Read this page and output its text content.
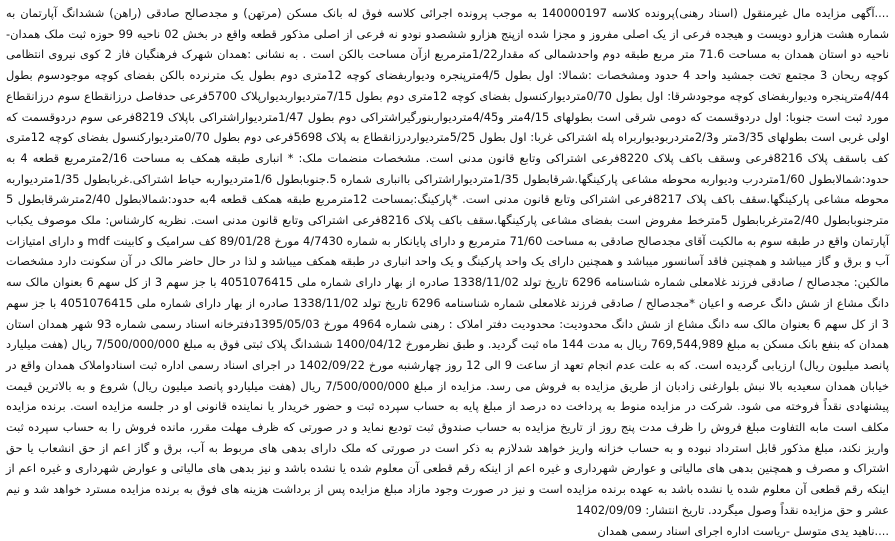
....آگهی مزایده مال غیرمنقول (اسناد رهنی)پرونده کلاسه 140000197 به موجب پرونده اجرائی کلاسه فوق له بانک مسکن (مرتهن) و مجدصالح صادقی (راهن) ششدانگ آپارتمان به شماره هشت هزارو دویست و هیجده فرعی از یک اصلی مفروز و مجزا شده ازپنج هزارو ششصدو نودو نه فرعی از اصلی مذکور قطعه واقع در بخش 02 ناحیه 99 حوزه ثبت ملک همدان-ناحیه دو استان همدان به مساحت 71.6 متر مربع طبقه دوم واحدشمالی که مقدار1/22مترمربع ازآن مساحت بالکن است . به نشانی :همدان شهرک فرهنگیان فاز 2 کوی نیروی انتظامی کوچه ریحان 3 مجتمع تخت جمشید واحد 4 حدود ومشخصات :شمالا: اول بطول 4/5مترپنجره ودیواربفضای کوچه 12متری دوم بطول یک مترنرده بالکن بفضای کوچه موجودسوم بطول 4/44مترپنجره ودیواربفضای کوچه موجودشرقا: اول بطول 0/70متردیوارکنسول بفضای کوچه 12متری دوم بطول 7/15متردیواربدیوارپلاک 5700فرعی حدفاصل درزانقطاع سوم درزانقطاع مورد ثبت است جنوبا: اول دردوقسمت که دومی شرقی است بطولهای 4/15متر و4/45متردیواربنورگیراشتراکی دوم بطول 1/47متردیواراشتراکی باپلاک 8219فرعی سوم دردوقسمت که اولی غربی است بطولهای 3/35متر و2/3متردربودیواربراه پله اشتراکی غربا: اول بطول 5/25متردیواردرزانقطاع به پلاک 5698فرعی دوم بطول 0/70متردیوارکنسول بفضای کوچه 12متری کف باسقف پلاک 8216فرعی وسقف باکف پلاک 8220فرعی اشتراکی وتابع قانون مدنی است. مشخصات منضمات ملک: * انباری طبقه همکف به مساحت 2/16مترمربع قطعه 4 به حدود:شمالابطول 1/60متردرب ودیواربه محوطه مشاعی پارکینگها.شرقابطول 1/35متردیواراشتراکی باانباری شماره 5.جنوبابطول 1/6متردیواربه حیاط اشتراکی.غربابطول 1/35متردیواربه محوطه مشاعی پارکینگها.سقف باکف پلاک 8217فرعی اشتراکی وتابع قانون مدنی است. *پارکینگ:بمساحت 12مترمربع طبقه همکف قطعه 4به حدود:شمالابطول 2/40مترشرقابطول 5 مترجنوبابطول 2/40مترغربابطول 5مترخط مفروض است بفضای مشاعی پارکینگها.سقف باکف پلاک 8216فرعی اشتراکی وتابع قانون مدنی است. نظریه کارشناس: ملک موصوف یکباب آپارتمان واقع در طبقه سوم به مالکیت آقای مجدصالح صادقی به مساحت 71/60 مترمربع و دارای پایانکار به شماره 4/7430 مورخ 89/01/28 کف سرامیک و کابینت mdf و دارای امتیازات آب و برق و گاز میباشد و همچنین فاقد آسانسور میباشد و همچنین دارای یک واحد پارکینگ و یک واحد انباری در طبقه همکف میباشد و لذا در حال حاضر مالک در آن سکونت دارد مشخصات مالکین: مجدصالح / صادقی فرزند غلامعلی شماره شناسنامه 6296 تاریخ تولد 1338/11/02 صادره از بهار دارای شماره ملی 4051076415 با جز سهم 3 از کل سهم 6 بعنوان مالک سه دانگ مشاع از شش دانگ عرصه و اعیان *مجدصالح / صادقی فرزند غلامعلی شماره شناسنامه 6296 تاریخ تولد 1338/11/02 صادره از بهار دارای شماره ملی 4051076415 با جز سهم 3 از کل سهم 6 بعنوان مالک سه دانگ مشاع از شش دانگ محدودیت: محدودیت دفتر املاک : رهنی شماره 4964 مورخ 1395/05/03دفترخانه اسناد رسمی شماره 93 شهر همدان استان همدان که بنفع بانک مسکن به مبلغ 769,544,989 ریال به مدت 144 ماه ثبت گردید. و طبق نظرمورخ 1400/04/12 ششدانگ پلاک ثبتی فوق به مبلغ 7/500/000/000 ریال (هفت میلیارد پانصد میلیون ریال) ارزیابی گردیده است. که به علت عدم انجام تعهد از ساعت 9 الی 12 روز چهارشنبه مورخ 1402/09/22 در اجرای اسناد رسمی اداره ثبت اسنادواملاک همدان واقع در خیابان همدان سعیدیه بالا نبش بلوارغنی زادبان از طریق مزایده به فروش می رسد. مزایده از مبلغ 7/500/000/000 ریال (هفت میلیاردو پانصد میلیون ریال) شروع و به بالاترین قیمت پیشنهادی نقداً فروخته می شود. شرکت در مزایده منوط به پرداخت ده درصد از مبلغ پایه به حساب سپرده ثبت و حضور خریدار یا نماینده قانونی او در جلسه مزایده است. برنده مزایده مکلف است مابه التفاوت مبلغ فروش را ظرف مدت پنج روز از تاریخ مزایده به حساب صندوق ثبت تودیع نماید و در صورتی که ظرف مهلت مقرر، مانده فروش را به حساب سپرده ثبت واریز نکند، مبلغ مذکور قابل استرداد نبوده و به حساب خزانه واریز خواهد شدلازم به ذکر است در صورتی که ملک دارای بدهی های مربوط به آب، برق و گاز اعم از حق انشعاب یا حق اشتراک و مصرف و همچنین بدهی های مالیاتی و عوارض شهرداری و غیره اعم از اینکه رقم قطعی آن معلوم شده یا نشده باشد و نیز بدهی های مالیاتی و عوارض شهرداری و غیره اعم از اینکه رقم قطعی آن معلوم شده یا نشده باشد به عهده برنده مزایده است و نیز در صورت وجود مازاد مبلغ مزایده پس از برداشت هزینه های فوق به برنده مزایده مسترد خواهد شد و نیم عشر و حق مزایده نقداً وصول میگردد. تاریخ انتشار: 1402/09/09
....ناهید یدی متوسل -ریاست اداره اجرای اسناد رسمی همدان
